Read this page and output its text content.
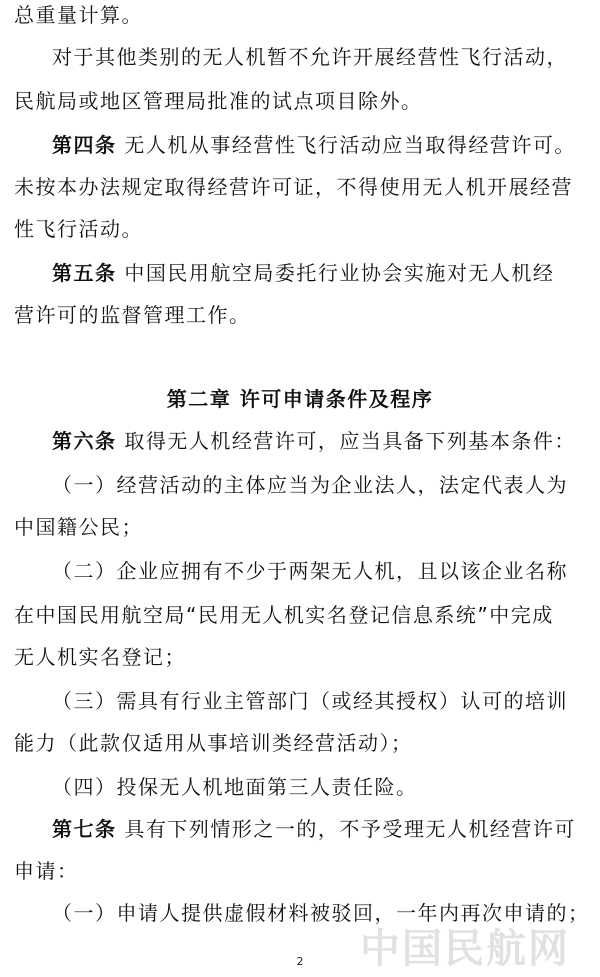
总重量计算。
对于其他类别的无人机暂不允许开展经营性飞行活动，
民航局或地区管理局批准的试点项目除外。
第四条 无人机从事经营性飞行活动应当取得经营许可。
未按本办法规定取得经营许可证，不得使用无人机开展经营
性飞行活动。
第五条 中国民用航空局委托行业协会实施对无人机经
营许可的监督管理工作。
第二章 许可申请条件及程序
第六条 取得无人机经营许可，应当具备下列基本条件：
（一）经营活动的主体应当为企业法人，法定代表人为
中国籍公民；
（二）企业应拥有不少于两架无人机，且以该企业名称
在中国民用航空局“民用无人机实名登记信息系统”中完成
无人机实名登记；
（三）需具有行业主管部门（或经其授权）认可的培训
能力（此款仅适用从事培训类经营活动）；
（四）投保无人机地面第三人责任险。
第七条 具有下列情形之一的，不予受理无人机经营许可
申请：
（一）申请人提供虚假材料被驳回，一年内再次申请的；
2	中国民航网
